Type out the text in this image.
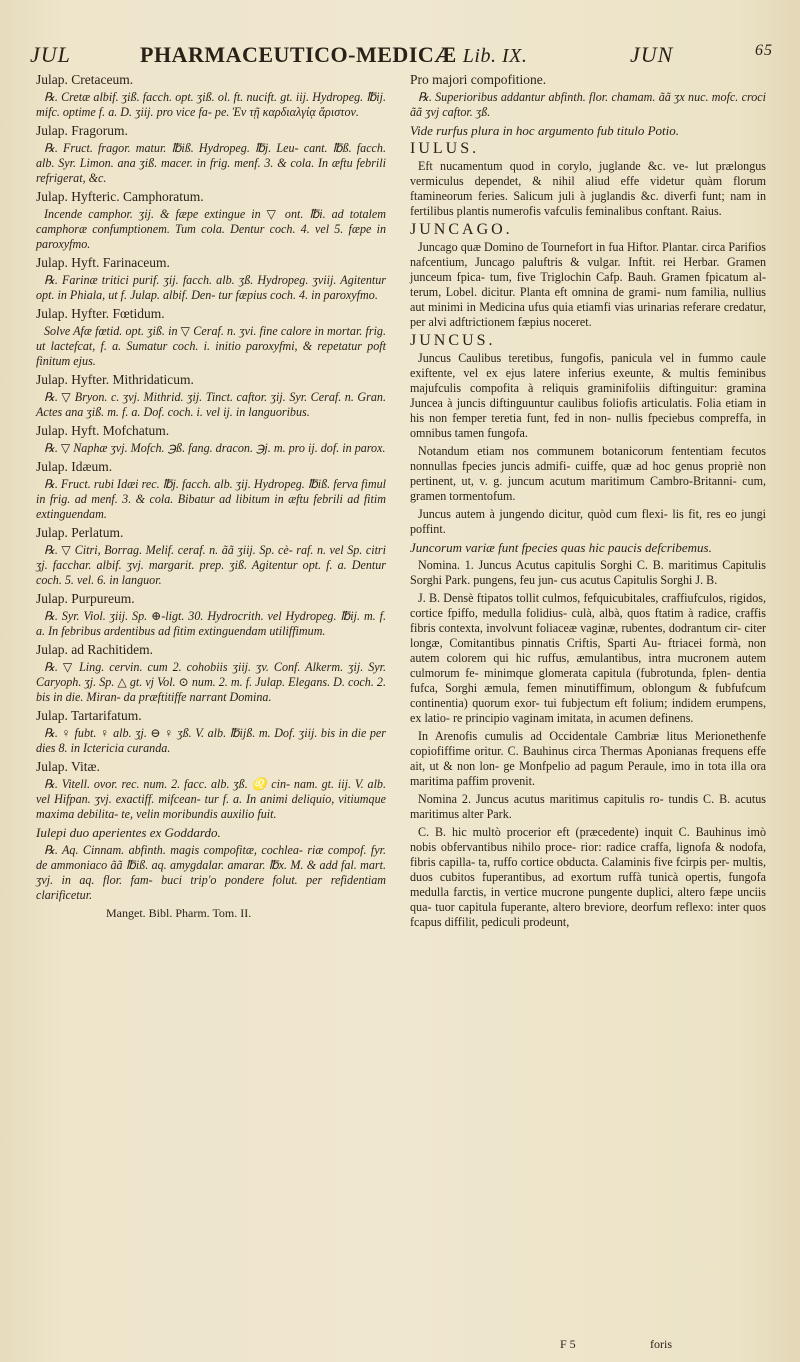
JUL	PHARMACEUTICO-MEDICÆ Lib. IX.	JUN	65

Julap. Cretaceum.

℞. Cretæ albif. ʒiß. facch. opt. ʒiß. ol. ft. nucift. gt. iij. Hydropeg. ℔ij. mifc. optime f. a. D. ʒiij. pro vice fa- pe. Ἐν τῇ καρδιαλγίᾳ ἄριστον.

Julap. Fragorum.

℞. Fruct. fragor. matur. ℔iß. Hydropeg. ℔j. Leu- cant. ℔ß. facch. alb. Syr. Limon. ana ʒiß. macer. in frig. menf. 3. & cola. In æftu febrili refrigerat, &c.

Julap. Hyfteric. Camphoratum.

Incende camphor. ʒij. & fæpe extingue in ▽ ont. ℔i. ad totalem camphoræ confumptionem. Tum cola. Dentur coch. 4. vel 5. fæpe in paroxyfmo.

Julap. Hyft. Farinaceum.

℞. Farinæ tritici purif. ʒij. facch. alb. ʒß. Hydropeg. ʒviij. Agitentur opt. in Phiala, ut f. Julap. albif. Den- tur fæpius coch. 4. in paroxyfmo.

Julap. Hyfter. Fœtidum.

Solve Afæ fœtid. opt. ʒiß. in ▽ Ceraf. n. ʒvi. fine calore in mortar. frig. ut lactefcat, f. a. Sumatur coch. i. initio paroxyfmi, & repetatur poft finitum ejus.

Julap. Hyfter. Mithridaticum.

℞. ▽ Bryon. c. ʒvj. Mithrid. ʒij. Tinct. caftor. ʒij. Syr. Ceraf. n. Gran. Actes ana ʒiß. m. f. a. Dof. coch. i. vel ij. in languoribus.

Julap. Hyft. Mofchatum.

℞. ▽ Naphæ ʒvj. Mofch. ℈ß. fang. dracon. ℈j. m. pro ij. dof. in parox.

Julap. Idæum.

℞. Fruct. rubi Idæi rec. ℔j. facch. alb. ʒij. Hydropeg. ℔iß. ferva fimul in frig. ad menf. 3. & cola. Bibatur ad libitum in æftu febrili ad fitim extinguendam.

Julap. Perlatum.

℞. ▽ Citri, Borrag. Melif. ceraf. n. ãã ʒiij. Sp. cè- raf. n. vel Sp. citri ʒj. facchar. albif. ʒvj. margarit. prep. ʒiß. Agitentur opt. f. a. Dentur coch. 5. vel. 6. in languor.

Julap. Purpureum.

℞. Syr. Viol. ʒiij. Sp. ⊕-ligt. 30. Hydrocrith. vel Hydropeg. ℔ij. m. f. a. In febribus ardentibus ad fitim extinguendam utiliffimum.

Julap. ad Rachitidem.

℞. ▽ Ling. cervin. cum 2. cohobiis ʒiij. ʒv. Conf. Alkerm. ʒij. Syr. Caryoph. ʒj. Sp. △ gt. vj Vol. ⊙ num. 2. m. f. Julap. Elegans. D. coch. 2. bis in die. Miran- da præftitiffe narrant Domina.

Julap. Tartarifatum.

℞. ♀ fubt. ♀ alb. ʒj. ⊖ ♀ ʒß. V. alb. ℔ijß. m. Dof. ʒiij. bis in die per dies 8. in Ictericia curanda.

Julap. Vitæ.

℞. Vitell. ovor. rec. num. 2. facc. alb. ʒß. ♌ cin- nam. gt. iij. V. alb. vel Hifpan. ʒvj. exactiff. mifcean- tur f. a. In animi deliquio, vitiumque maxima debilita- te, velin moribundis auxilio fuit.

Iulepi duo aperientes ex Goddardo.

℞. Aq. Cinnam. abfinth. magis compofitæ, cochlea- riæ compof. fyr. de ammoniaco ãã ℔iß. aq. amygdalar. amarar. ℔x. M. & add fal. mart. ʒvj. in aq. flor. fam- buci trip'o pondere folut. per refidentiam clarificetur.

Manget. Bibl. Pharm. Tom. II.

Pro majori compofitione.

℞. Superioribus addantur abfinth. flor. chamam. ãã ʒx nuc. mofc. croci ãã ʒvj caftor. ʒß.

Vide rurfus plura in hoc argumento fub titulo Potio.

IULUS.

Eft nucamentum quod in corylo, juglande &c. ve- lut prælongus vermiculus dependet, & nihil aliud effe videtur quàm florum ftamineorum feries. Salicum juli à juglandis &c. diverfi funt; nam in fertilibus plantis numerofis vafculis feminalibus conftant. Raius.

JUNCAGO.

Juncago quæ Domino de Tournefort in fua Hiftor. Plantar. circa Parifios nafcentium, Juncago paluftris & vulgar. Inftit. rei Herbar. Gramen junceum fpica- tum, five Triglochin Cafp. Bauh. Gramen fpicatum al- terum, Lobel. dicitur. Planta eft omnina de grami- num familia, nullius aut minimi in Medicina ufus quia etiamfi vias urinarias referare credatur, per alvi adftrictionem fæpius noceret.

JUNCUS.

Juncus Caulibus teretibus, fungofis, panicula vel in fummo caule exiftente, vel ex ejus latere inferius exeunte, & multis feminibus majufculis compofita à reliquis graminifoliis diftinguitur: gramina Juncea à juncis diftinguuntur caulibus foliofis articulatis. Folia etiam in his non femper teretia funt, fed in non- nullis fpeciebus compreffa, in omnibus tamen fungofa.

Notandum etiam nos communem botanicorum fententiam fecutos nonnullas fpecies juncis admifi- cuiffe, quæ ad hoc genus propriè non pertinent, ut, v. g. juncum acutum maritimum Cambro-Britanni- cum, gramen tormentofum.

Juncus autem à jungendo dicitur, quòd cum flexi- lis fit, res eo jungi poffint.

Juncorum variæ funt fpecies quas hic paucis defcribemus.

Nomina. 1. Juncus Acutus capitulis Sorghi C. B. maritimus Capitulis Sorghi Park. pungens, feu jun- cus acutus Capitulis Sorghi J. B.

J. B. Densè ftipatos tollit culmos, fefquicubitales, craffiufculos, rigidos, cortice fpiffo, medulla folidius- culà, albà, quos ftatim à radice, craffis fibris contexta, involvunt foliaceæ vaginæ, rubentes, dodrantum cir- citer longæ, Comitantibus pinnatis Criftis, Sparti Au- ftriacei formà, non autem colorem qui hic ruffus, æmulantibus, intra mucronem autem culmorum fe- minimque glomerata capitula (fubrotunda, fplen- dentia fufca, Sorghi æmula, femen minutiffimum, oblongum & fubfufcum continentia) quorum exor- tui fubjectum eft folium; indidem erumpens, ex latio- re principio vaginam imitata, in acumen definens.

In Arenofis cumulis ad Occidentale Cambriæ litus Merionethenfe copiofiffime oritur. C. Bauhinus circa Thermas Aponianas frequens effe ait, ut & non lon- ge Monfpelio ad pagum Peraule, imo in tota illa ora maritima paffim provenit.

Nomina 2. Juncus acutus maritimus capitulis ro- tundis C. B. acutus maritimus alter Park.

C. B. hic multò procerior eft (præcedente) inquit C. Bauhinus imò nobis obfervantibus nihilo proce- rior: radice craffa, lignofa & nodofa, fibris capilla- ta, ruffo cortice obducta. Calaminis five fcirpis per- multis, duos cubitos fuperantibus, ad exortum ruffà tunicà opertis, fungofa medulla farctis, in vertice mucrone pungente duplici, altero fæpe unciis qua- tuor capitula fuperante, altero breviore, deorfum reflexo: inter quos fcapus diffilit, pediculi prodeunt,

F 5	foris
